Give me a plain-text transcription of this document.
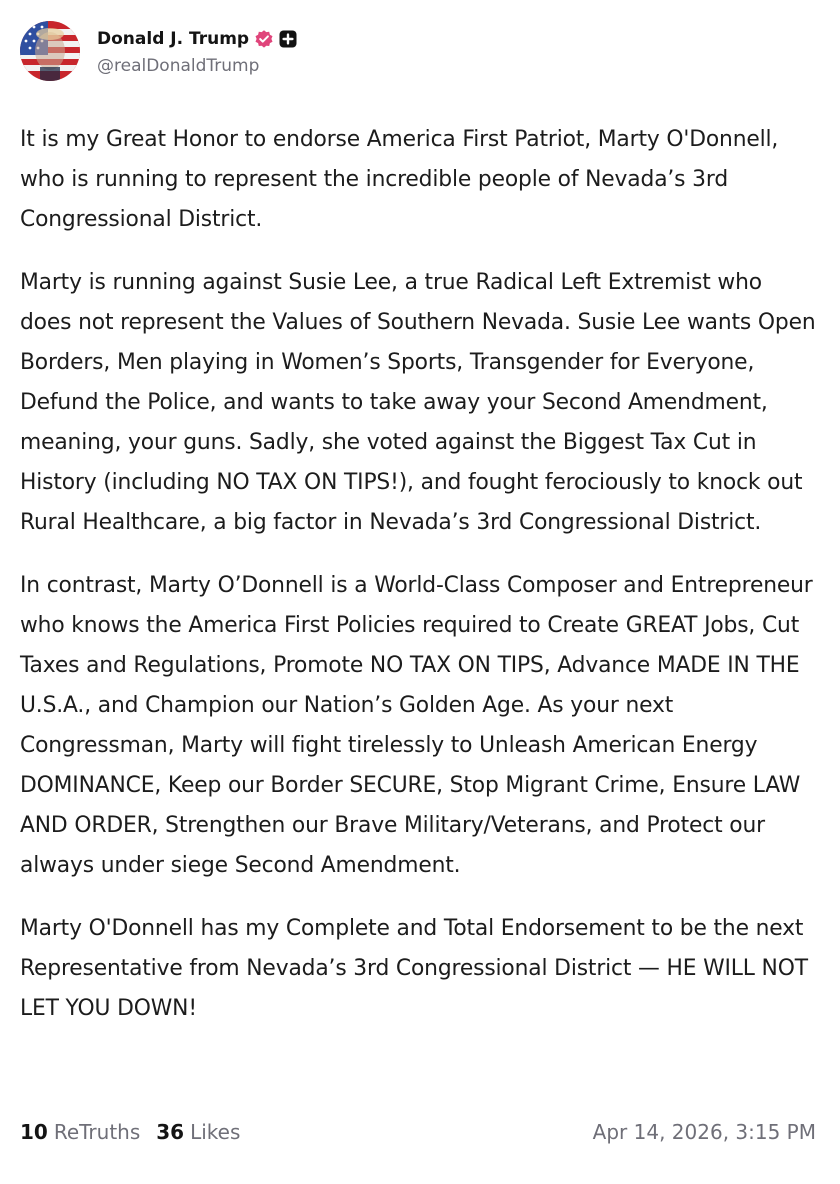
Donald J. Trump
@realDonaldTrump

It is my Great Honor to endorse America First Patriot, Marty O'Donnell, who is running to represent the incredible people of Nevada’s 3rd Congressional District.

Marty is running against Susie Lee, a true Radical Left Extremist who does not represent the Values of Southern Nevada. Susie Lee wants Open Borders, Men playing in Women’s Sports, Transgender for Everyone, Defund the Police, and wants to take away your Second Amendment, meaning, your guns. Sadly, she voted against the Biggest Tax Cut in History (including NO TAX ON TIPS!), and fought ferociously to knock out Rural Healthcare, a big factor in Nevada’s 3rd Congressional District.

In contrast, Marty O’Donnell is a World-Class Composer and Entrepreneur who knows the America First Policies required to Create GREAT Jobs, Cut Taxes and Regulations, Promote NO TAX ON TIPS, Advance MADE IN THE U.S.A., and Champion our Nation’s Golden Age. As your next Congressman, Marty will fight tirelessly to Unleash American Energy DOMINANCE, Keep our Border SECURE, Stop Migrant Crime, Ensure LAW AND ORDER, Strengthen our Brave Military/Veterans, and Protect our always under siege Second Amendment.

Marty O'Donnell has my Complete and Total Endorsement to be the next Representative from Nevada’s 3rd Congressional District — HE WILL NOT LET YOU DOWN!

10 ReTruths 36 Likes	Apr 14, 2026, 3:15 PM
